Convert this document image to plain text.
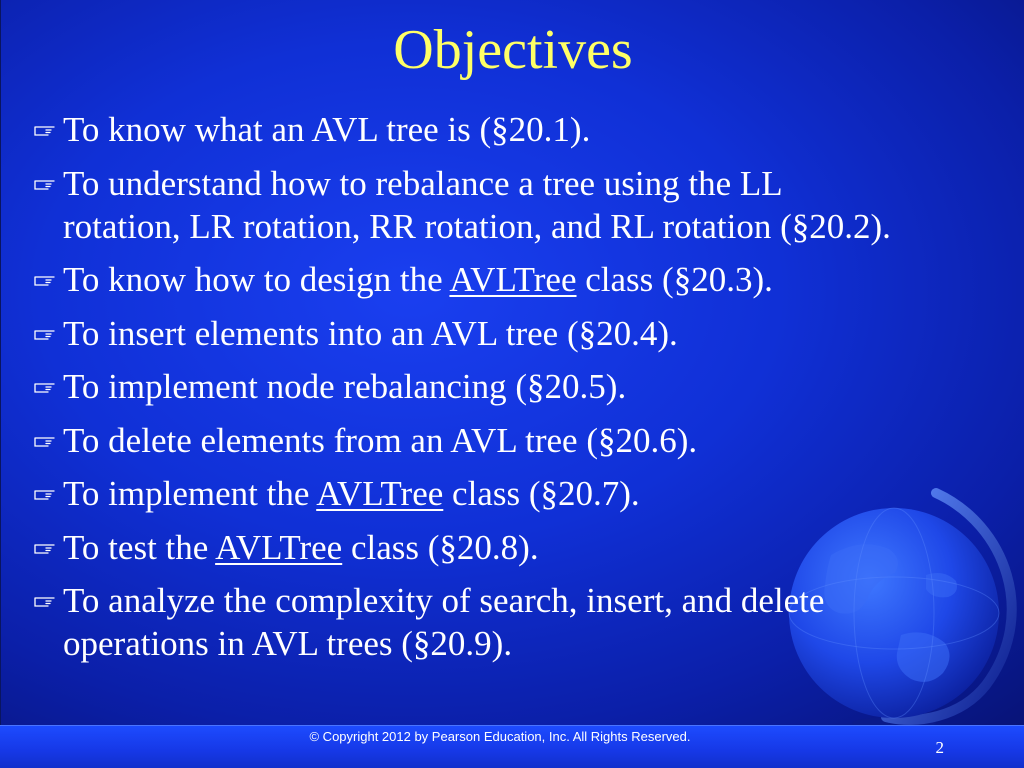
Objectives
To know what an AVL tree is (§20.1).
To understand how to rebalance a tree using the LL
rotation, LR rotation, RR rotation, and RL rotation (§20.2).
To know how to design the AVLTree class (§20.3).
To insert elements into an AVL tree (§20.4).
To implement node rebalancing (§20.5).
To delete elements from an AVL tree (§20.6).
To implement the AVLTree class (§20.7).
To test the AVLTree class (§20.8).
To analyze the complexity of search, insert, and delete
operations in AVL trees (§20.9).
© Copyright 2012 by Pearson Education, Inc. All Rights Reserved.
2
